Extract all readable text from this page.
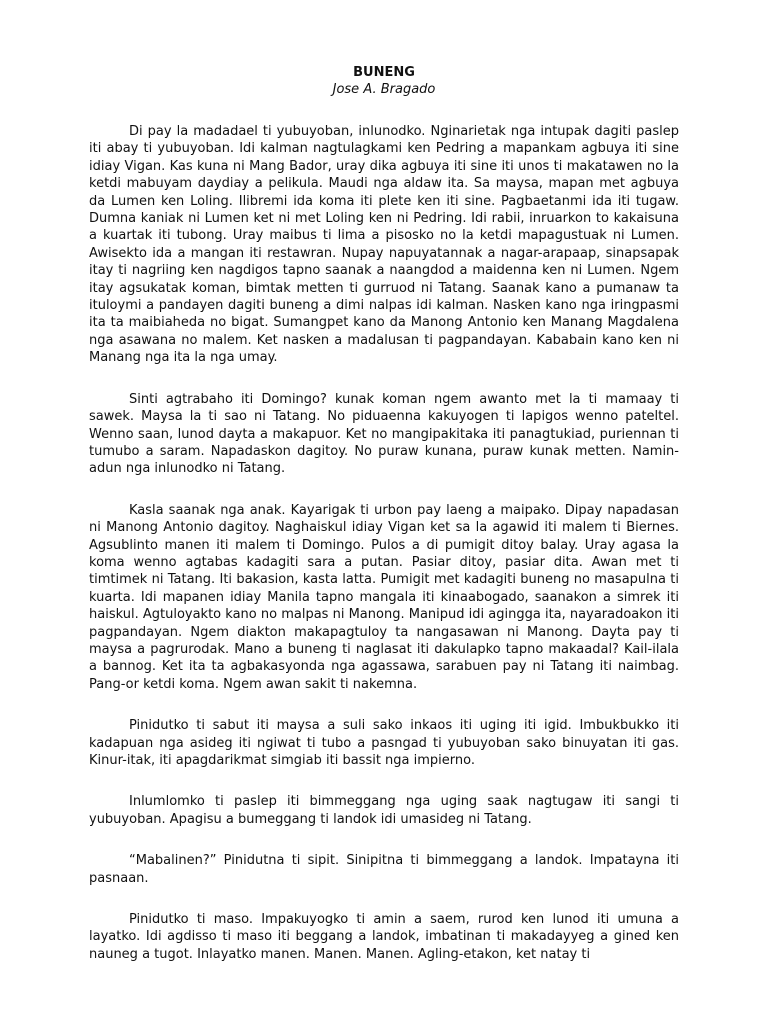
BUNENG
Jose A. Bragado

Di pay la madadael ti yubuyoban, inlunodko. Nginarietak nga intupak dagiti paslep iti abay ti yubuyoban. Idi kalman nagtulagkami ken Pedring a mapankam agbuya iti sine idiay Vigan. Kas kuna ni Mang Bador, uray dika agbuya iti sine iti unos ti makatawen no la ketdi mabuyam daydiay a pelikula. Maudi nga aldaw ita. Sa maysa, mapan met agbuya da Lumen ken Loling. Ilibremi ida koma iti plete ken iti sine. Pagbaetanmi ida iti tugaw. Dumna kaniak ni Lumen ket ni met Loling ken ni Pedring. Idi rabii, inruarkon to kakaisuna a kuartak iti tubong. Uray maibus ti lima a pisosko no la ketdi mapagustuak ni Lumen. Awisekto ida a mangan iti restawran. Nupay napuyatannak a nagar-arapaap, sinapsapak itay ti nagriing ken nagdigos tapno saanak a naangdod a maidenna ken ni Lumen. Ngem itay agsukatak koman, bimtak metten ti gurruod ni Tatang. Saanak kano a pumanaw ta ituloymi a pandayen dagiti buneng a dimi nalpas idi kalman. Nasken kano nga iringpasmi ita ta maibiaheda no bigat. Sumangpet kano da Manong Antonio ken Manang Magdalena nga asawana no malem. Ket nasken a madalusan ti pagpandayan. Kababain kano ken ni Manang nga ita la nga umay.

Sinti agtrabaho iti Domingo? kunak koman ngem awanto met la ti mamaay ti sawek. Maysa la ti sao ni Tatang. No piduaenna kakuyogen ti lapigos wenno pateltel. Wenno saan, lunod dayta a makapuor. Ket no mangipakitaka iti panagtukiad, puriennan ti tumubo a saram. Napadaskon dagitoy. No puraw kunana, puraw kunak metten. Namin-adun nga inlunodko ni Tatang.

Kasla saanak nga anak. Kayarigak ti urbon pay laeng a maipako. Dipay napadasan ni Manong Antonio dagitoy. Naghaiskul idiay Vigan ket sa la agawid iti malem ti Biernes. Agsublinto manen iti malem ti Domingo. Pulos a di pumigit ditoy balay. Uray agasa la koma wenno agtabas kadagiti sara a putan. Pasiar ditoy, pasiar dita. Awan met ti timtimek ni Tatang. Iti bakasion, kasta latta. Pumigit met kadagiti buneng no masapulna ti kuarta. Idi mapanen idiay Manila tapno mangala iti kinaabogado, saanakon a simrek iti haiskul. Agtuloyakto kano no malpas ni Manong. Manipud idi agingga ita, nayaradoakon iti pagpandayan. Ngem diakton makapagtuloy ta nangasawan ni Manong. Dayta pay ti maysa a pagrurodak. Mano a buneng ti naglasat iti dakulapko tapno makaadal? Kail-ilala a bannog. Ket ita ta agbakasyonda nga agassawa, sarabuen pay ni Tatang iti naimbag. Pang-or ketdi koma. Ngem awan sakit ti nakemna.

Pinidutko ti sabut iti maysa a suli sako inkaos iti uging iti igid. Imbukbukko iti kadapuan nga asideg iti ngiwat ti tubo a pasngad ti yubuyoban sako binuyatan iti gas. Kinur-itak, iti apagdarikmat simgiab iti bassit nga impierno.

Inlumlomko ti paslep iti bimmeggang nga uging saak nagtugaw iti sangi ti yubuyoban. Apagisu a bumeggang ti landok idi umasideg ni Tatang.

“Mabalinen?” Pinidutna ti sipit. Sinipitna ti bimmeggang a landok. Impatayna iti pasnaan.

Pinidutko ti maso. Impakuyogko ti amin a saem, rurod ken lunod iti umuna a layatko. Idi agdisso ti maso iti beggang a landok, imbatinan ti makadayyeg a gined ken nauneg a tugot. Inlayatko manen. Manen. Manen. Agling-etakon, ket natay ti
